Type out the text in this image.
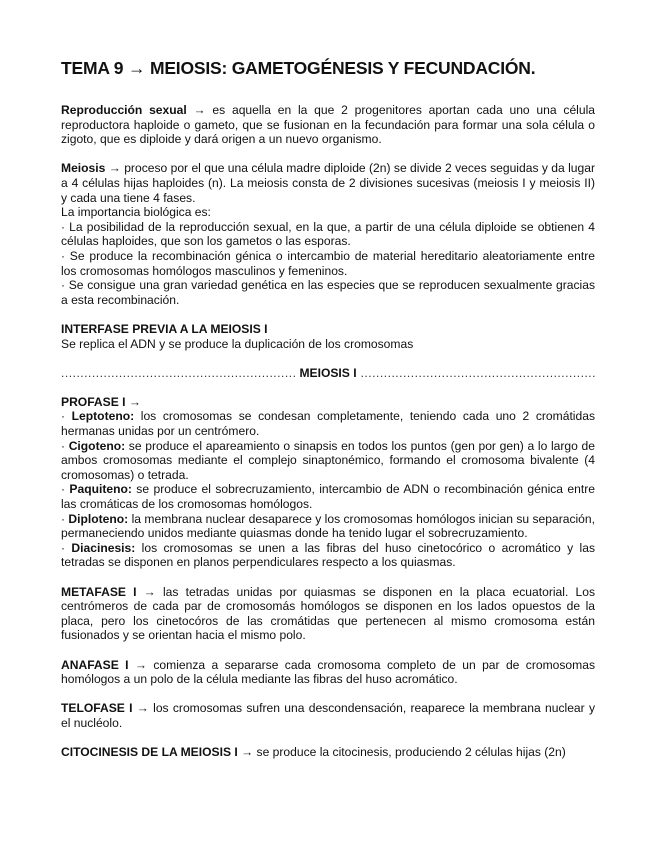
TEMA 9 → MEIOSIS: GAMETOGÉNESIS Y FECUNDACIÓN.

Reproducción sexual → es aquella en la que 2 progenitores aportan cada uno una célula reproductora haploide o gameto, que se fusionan en la fecundación para formar una sola célula o zigoto, que es diploide y dará origen a un nuevo organismo.

Meiosis → proceso por el que una célula madre diploide (2n) se divide 2 veces seguidas y da lugar a 4 células hijas haploides (n). La meiosis consta de 2 divisiones sucesivas (meiosis I y meiosis II) y cada una tiene 4 fases.

La importancia biológica es:

· La posibilidad de la reproducción sexual, en la que, a partir de una célula diploide se obtienen 4 células haploides, que son los gametos o las esporas.

· Se produce la recombinación génica o intercambio de material hereditario aleatoriamente entre los cromosomas homólogos masculinos y femeninos.

· Se consigue una gran variedad genética en las especies que se reproducen sexualmente gracias a esta recombinación.

INTERFASE PREVIA A LA MEIOSIS I

Se replica el ADN y se produce la duplicación de los cromosomas

.....
MEIOSIS I
.....

PROFASE I →

· Leptoteno: los cromosomas se condesan completamente, teniendo cada uno 2 cromátidas hermanas unidas por un centrómero.

· Cigoteno: se produce el apareamiento o sinapsis en todos los puntos (gen por gen) a lo largo de ambos cromosomas mediante el complejo sinaptonémico, formando el cromosoma bivalente (4 cromosomas) o tetrada.

· Paquiteno: se produce el sobrecruzamiento, intercambio de ADN o recombinación génica entre las cromáticas de los cromosomas homólogos.

· Diploteno: la membrana nuclear desaparece y los cromosomas homólogos inician su separación, permaneciendo unidos mediante quiasmas donde ha tenido lugar el sobrecruzamiento.

· Diacinesis: los cromosomas se unen a las fibras del huso cinetocórico o acromático y las tetradas se disponen en planos perpendiculares respecto a los quiasmas.

METAFASE I → las tetradas unidas por quiasmas se disponen en la placa ecuatorial. Los centrómeros de cada par de cromosomás homólogos se disponen en los lados opuestos de la placa, pero los cinetocóros de las cromátidas que pertenecen al mismo cromosoma están fusionados y se orientan hacia el mismo polo.

ANAFASE I → comienza a separarse cada cromosoma completo de un par de cromosomas homólogos a un polo de la célula mediante las fibras del huso acromático.

TELOFASE I → los cromosomas sufren una descondensación, reaparece la membrana nuclear y el nucléolo.

CITOCINESIS DE LA MEIOSIS I → se produce la citocinesis, produciendo 2 células hijas (2n)
